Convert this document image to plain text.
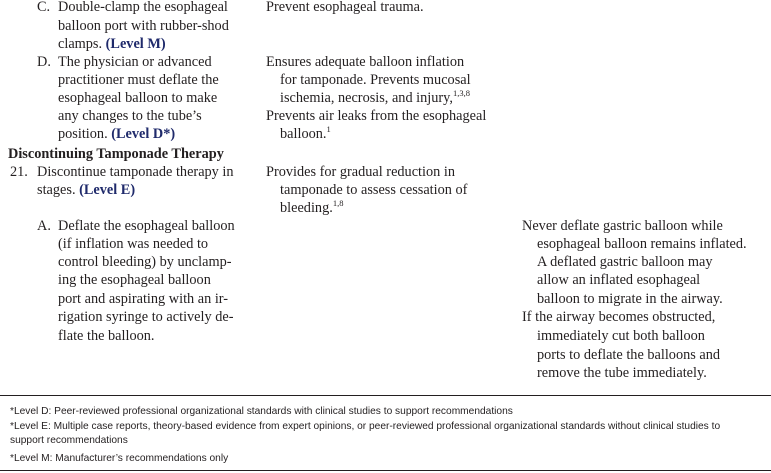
C. Double-clamp the esophageal
balloon port with rubber-shod
clamps. (Level M)
Prevent esophageal trauma.
D. The physician or advanced
practitioner must deflate the
esophageal balloon to make
any changes to the tube’s
position. (Level D*)
Ensures adequate balloon inflation
for tamponade. Prevents mucosal
ischemia, necrosis, and injury,$^{1,3,8}$
Prevents air leaks from the esophageal
balloon.$^1$
Discontinuing Tamponade Therapy
21. Discontinue tamponade therapy in
stages. (Level E)
Provides for gradual reduction in
tamponade to assess cessation of
bleeding.$^{1,8}$
A. Deflate the esophageal balloon
(if inflation was needed to
control bleeding) by unclamp-
ing the esophageal balloon
port and aspirating with an ir-
rigation syringe to actively de-
flate the balloon.
Never deflate gastric balloon while
esophageal balloon remains inflated.
A deflated gastric balloon may
allow an inflated esophageal
balloon to migrate in the airway.
If the airway becomes obstructed,
immediately cut both balloon
ports to deflate the balloons and
remove the tube immediately.
*Level D: Peer-reviewed professional organizational standards with clinical studies to support recommendations
*Level E: Multiple case reports, theory-based evidence from expert opinions, or peer-reviewed professional organizational standards without clinical studies to
support recommendations
*Level M: Manufacturer’s recommendations only
